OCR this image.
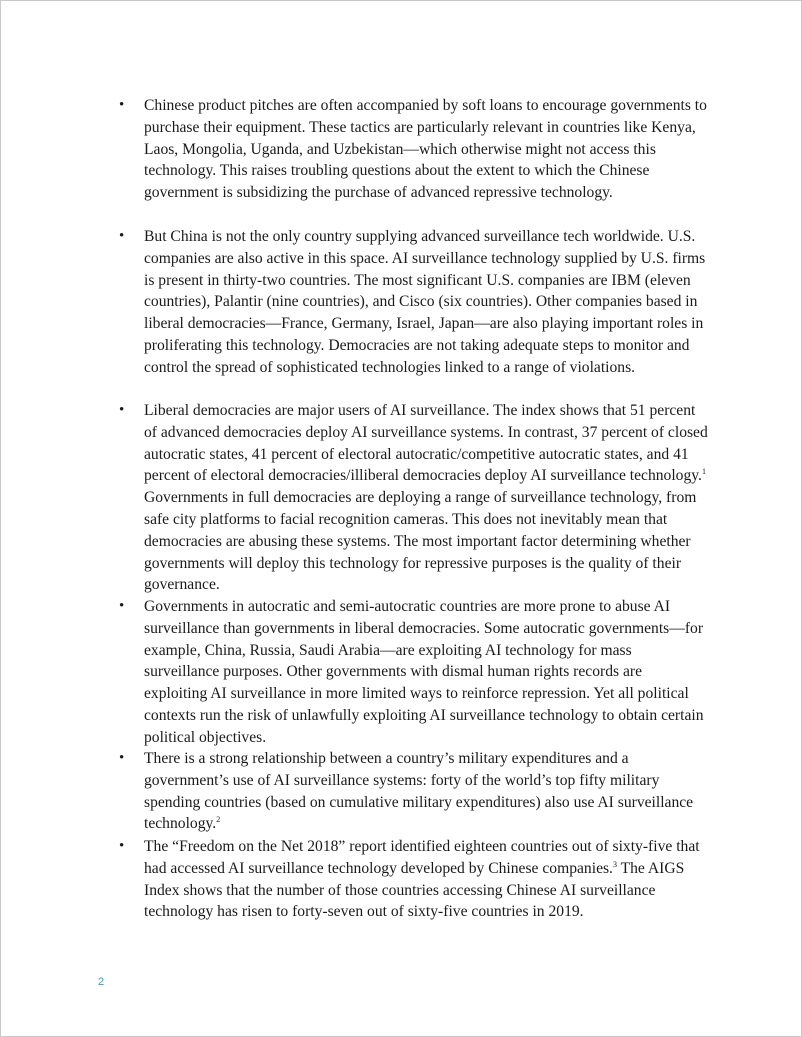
• Chinese product pitches are often accompanied by soft loans to encourage governments to purchase their equipment. These tactics are particularly relevant in countries like Kenya, Laos, Mongolia, Uganda, and Uzbekistan—which otherwise might not access this technology. This raises troubling questions about the extent to which the Chinese government is subsidizing the purchase of advanced repressive technology.
• But China is not the only country supplying advanced surveillance tech worldwide. U.S. companies are also active in this space. AI surveillance technology supplied by U.S. firms is present in thirty-two countries. The most significant U.S. companies are IBM (eleven countries), Palantir (nine countries), and Cisco (six countries). Other companies based in liberal democracies—France, Germany, Israel, Japan—are also playing important roles in proliferating this technology. Democracies are not taking adequate steps to monitor and control the spread of sophisticated technologies linked to a range of violations.
• Liberal democracies are major users of AI surveillance. The index shows that 51 percent of advanced democracies deploy AI surveillance systems. In contrast, 37 percent of closed autocratic states, 41 percent of electoral autocratic/competitive autocratic states, and 41 percent of electoral democracies/illiberal democracies deploy AI surveillance technology.$^1$ Governments in full democracies are deploying a range of surveillance technology, from safe city platforms to facial recognition cameras. This does not inevitably mean that democracies are abusing these systems. The most important factor determining whether governments will deploy this technology for repressive purposes is the quality of their governance.
• Governments in autocratic and semi-autocratic countries are more prone to abuse AI surveillance than governments in liberal democracies. Some autocratic governments—for example, China, Russia, Saudi Arabia—are exploiting AI technology for mass surveillance purposes. Other governments with dismal human rights records are exploiting AI surveillance in more limited ways to reinforce repression. Yet all political contexts run the risk of unlawfully exploiting AI surveillance technology to obtain certain political objectives.
• There is a strong relationship between a country’s military expenditures and a government’s use of AI surveillance systems: forty of the world’s top fifty military spending countries (based on cumulative military expenditures) also use AI surveillance technology.$^2$
• The “Freedom on the Net 2018” report identified eighteen countries out of sixty-five that had accessed AI surveillance technology developed by Chinese companies.$^3$ The AIGS Index shows that the number of those countries accessing Chinese AI surveillance technology has risen to forty-seven out of sixty-five countries in 2019.
2
